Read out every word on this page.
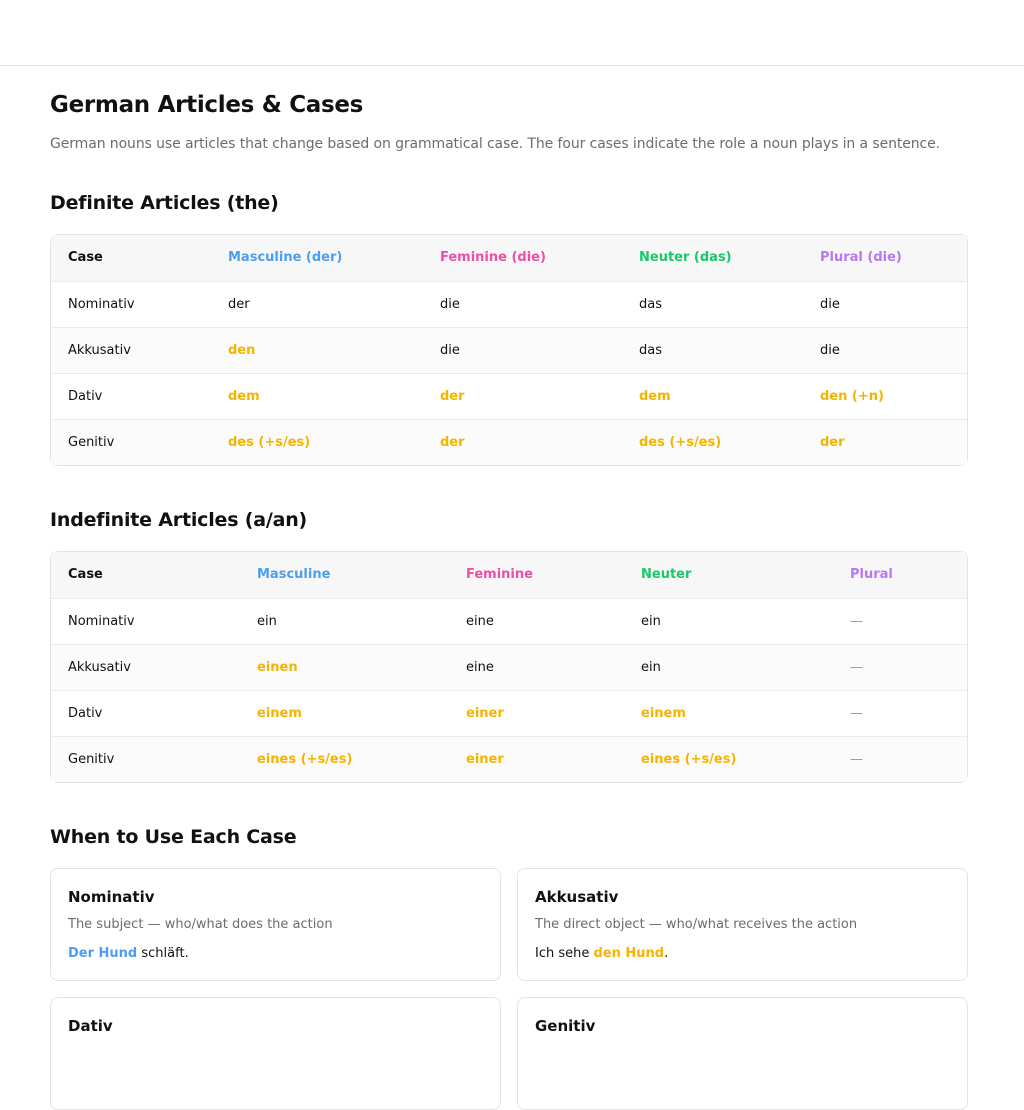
German Articles & Cases

German nouns use articles that change based on grammatical case. The four cases indicate the role a noun plays in a sentence.

Definite Articles (the)
Case	Masculine (der)	Feminine (die)	Neuter (das)	Plural (die)
Nominativ	der	die	das	die
Akkusativ	den	die	das	die
Dativ	dem	der	dem	den (+n)
Genitiv	des (+s/es)	der	des (+s/es)	der
Indefinite Articles (a/an)
Case	Masculine	Feminine	Neuter	Plural
Nominativ	ein	eine	ein	—
Akkusativ	einen	eine	ein	—
Dativ	einem	einer	einem	—
Genitiv	eines (+s/es)	einer	eines (+s/es)	—
When to Use Each Case
Nominativ
The subject — who/what does the action
Der Hund schläft.
Akkusativ
The direct object — who/what receives the action
Ich sehe den Hund.
Dativ	Genitiv
